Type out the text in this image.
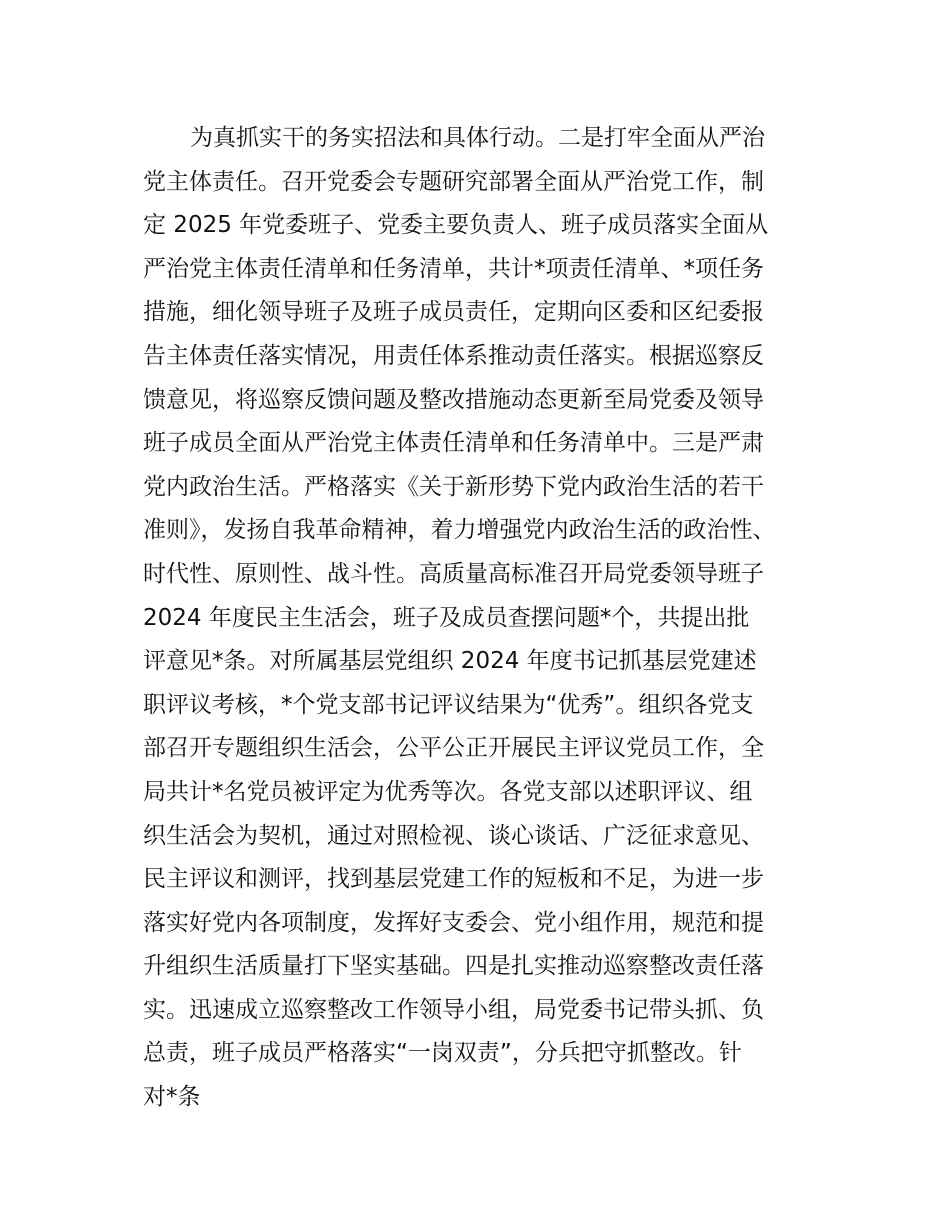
为真抓实干的务实招法和具体行动。二是打牢全面从严治
党主体责任。召开党委会专题研究部署全面从严治党工作，制
定 2025 年党委班子、党委主要负责人、班子成员落实全面从
严治党主体责任清单和任务清单，共计*项责任清单、*项任务
措施，细化领导班子及班子成员责任，定期向区委和区纪委报
告主体责任落实情况，用责任体系推动责任落实。根据巡察反
馈意见，将巡察反馈问题及整改措施动态更新至局党委及领导
班子成员全面从严治党主体责任清单和任务清单中。三是严肃
党内政治生活。严格落实《关于新形势下党内政治生活的若干
准则》，发扬自我革命精神，着力增强党内政治生活的政治性、
时代性、原则性、战斗性。高质量高标准召开局党委领导班子
2024 年度民主生活会，班子及成员查摆问题*个，共提出批
评意见*条。对所属基层党组织 2024 年度书记抓基层党建述
职评议考核，*个党支部书记评议结果为“优秀”。组织各党支
部召开专题组织生活会，公平公正开展民主评议党员工作，全
局共计*名党员被评定为优秀等次。各党支部以述职评议、组
织生活会为契机，通过对照检视、谈心谈话、广泛征求意见、
民主评议和测评，找到基层党建工作的短板和不足，为进一步
落实好党内各项制度，发挥好支委会、党小组作用，规范和提
升组织生活质量打下坚实基础。四是扎实推动巡察整改责任落
实。迅速成立巡察整改工作领导小组，局党委书记带头抓、负
总责，班子成员严格落实“一岗双责”，分兵把守抓整改。针
对*条
